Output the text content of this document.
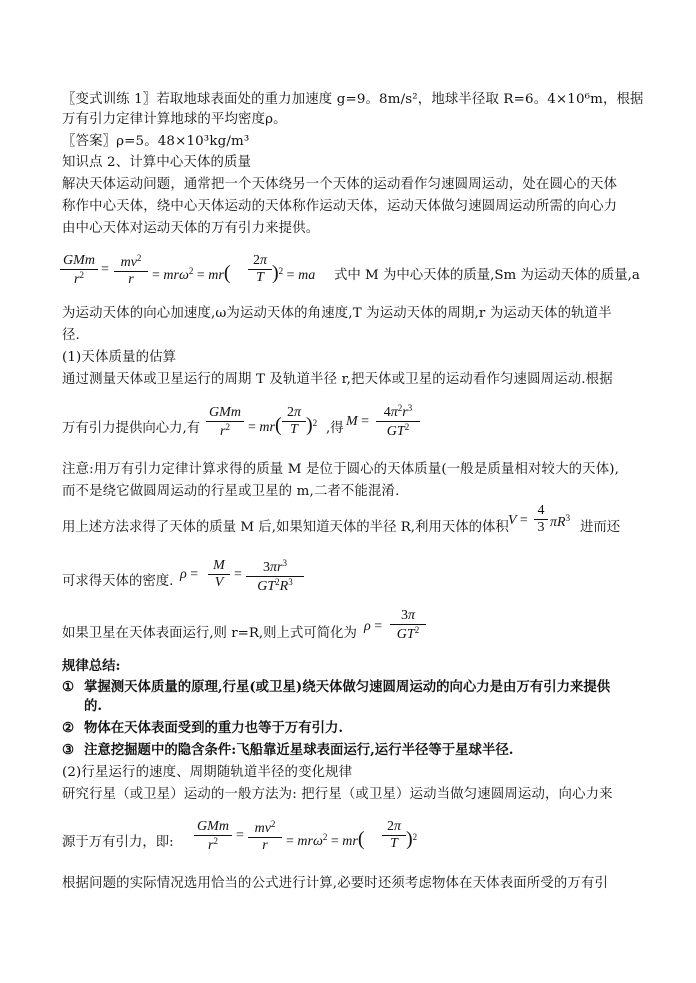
〖变式训练 1〗若取地球表面处的重力加速度 g=9。8m/s²，地球半径取 R=6。4×10⁶m，根据
万有引力定律计算地球的平均密度ρ。
〖答案〗ρ=5。48×10³kg/m³
知识点 2、计算中心天体的质量
解决天体运动问题，通常把一个天体绕另一个天体的运动看作匀速圆周运动，处在圆心的天体
称作中心天体，绕中心天体运动的天体称作运动天体，运动天体做匀速圆周运动所需的向心力
由中心天体对运动天体的万有引力来提供。
GMm
$r^2$	= $mv^2$
r	= mrω$^2$ = mr(
2π
T )$^2$ = ma 式中 M 为中心天体的质量,Sm 为运动天体的质量,a
为运动天体的向心加速度,ω为运动天体的角速度,T 为运动天体的周期,r 为运动天体的轨道半
径.
(1)天体质量的估算
通过测量天体或卫星运行的周期 T 及轨道半径 r,把天体或卫星的运动看作匀速圆周运动.根据
万有引力提供向心力,有
GMm
$r^2$	= mr(
2π
T )$^2$ ,得 M =
$4\pi^2r^3$
$GT^2$
注意:用万有引力定律计算求得的质量 M 是位于圆心的天体质量(一般是质量相对较大的天体),
而不是绕它做圆周运动的行星或卫星的 m,二者不能混淆.
用上述方法求得了天体的质量 M 后,如果知道天体的半径 R,利用天体的体积 V =
4
3 $\pi R^3$
进而还
可求得天体的密度. ρ =
M
V
=	$3\pi r^3$
$GT^2R^3$
如果卫星在天体表面运行,则 r=R,则上式可简化为 ρ =
3π
$GT^2$
规律总结:
① 掌握测天体质量的原理,行星(或卫星)绕天体做匀速圆周运动的向心力是由万有引力来提供
的.
② 物体在天体表面受到的重力也等于万有引力.
③ 注意挖掘题中的隐含条件:飞船靠近星球表面运行,运行半径等于星球半径.
(2)行星运行的速度、周期随轨道半径的变化规律
研究行星（或卫星）运动的一般方法为: 把行星（或卫星）运动当做匀速圆周运动，向心力来
源于万有引力，即:
GMm
$r^2$	= $mv^2$
r	= mrω$^2$ = mr(
2π
T )$^2$
根据问题的实际情况选用恰当的公式进行计算,必要时还须考虑物体在天体表面所受的万有引
